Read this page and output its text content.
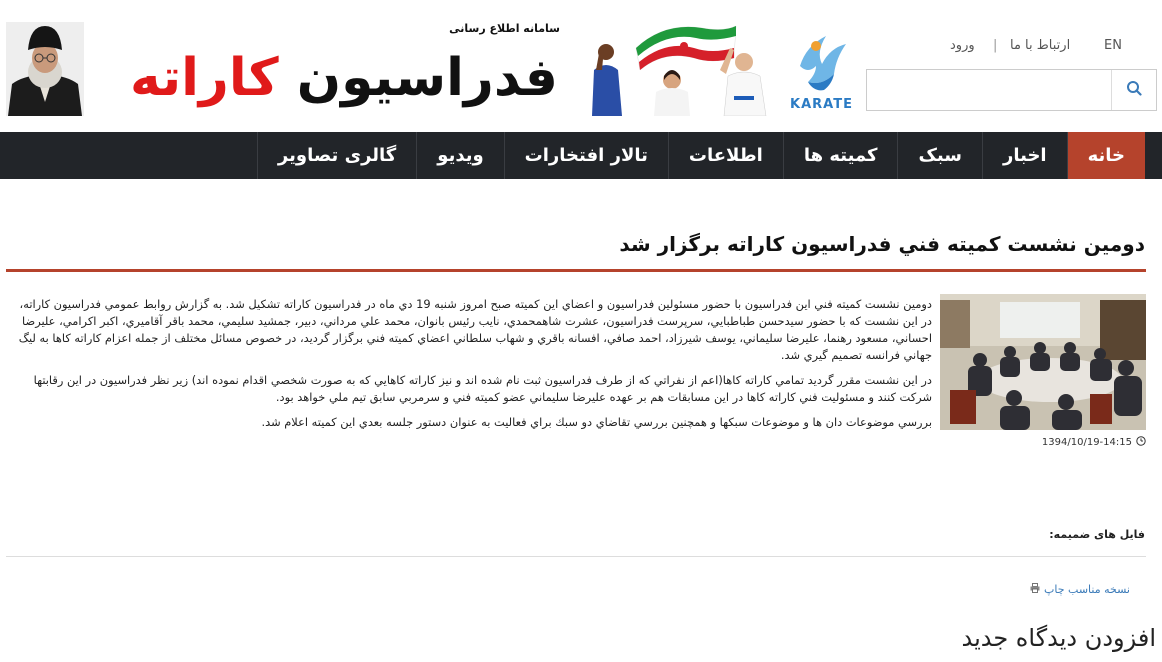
سامانه اطلاع رسانی
فدراسیون کاراته	KARATE
EN
ارتباط با ما
|
ورود
خانه
اخبار
سبک
کمیته ها
اطلاعات
تالار افتخارات
ویدیو
گالری تصاویر
دومين نشست كميته فني فدراسيون كاراته برگزار شد
1394/10/19-14:15

دومين نشست كميته فني اين فدراسيون با حضور مسئولين فدراسيون و اعضاي اين كميته صبح امروز شنبه 19 دي ماه در فدراسيون كاراته تشكيل شد. به گزارش روابط عمومي فدراسيون كاراته، در اين نشست كه با حضور سيدحسن طباطبايي، سرپرست فدراسيون، عشرت شاهمحمدي، نايب رئيس بانوان، محمد علي مرداني، دبير، جمشيد سليمي، محمد باقر آقاميري، اكبر اكرامي، عليرضا احساني، مسعود رهنما، عليرضا سليماني، يوسف شيرزاد، احمد صافي، افسانه باقري و شهاب سلطاني اعضاي كميته فني برگزار گرديد، در خصوص مسائل مختلف از جمله اعزام كاراته كاها به ليگ جهاني فرانسه تصميم گيري شد.

در اين نشست مقرر گرديد تمامي كاراته كاها(اعم از نفراتي كه از طرف فدراسيون ثبت نام شده اند و نيز كاراته كاهايي كه به صورت شخصي اقدام نموده اند) زير نظر فدراسيون در اين رقابتها شركت كنند و مسئوليت فني كاراته كاها در اين مسابقات هم بر عهده عليرضا سليماني عضو كميته فني و سرمربي سابق تيم ملي خواهد بود.

بررسي موضوعات دان ها و موضوعات سبكها و همچنين بررسي تقاضاي دو سبك براي فعاليت به عنوان دستور جلسه بعدي اين كميته اعلام شد.

فایل های ضمیمه:
نسخه مناسب چاپ
افزودن دیدگاه جدید
